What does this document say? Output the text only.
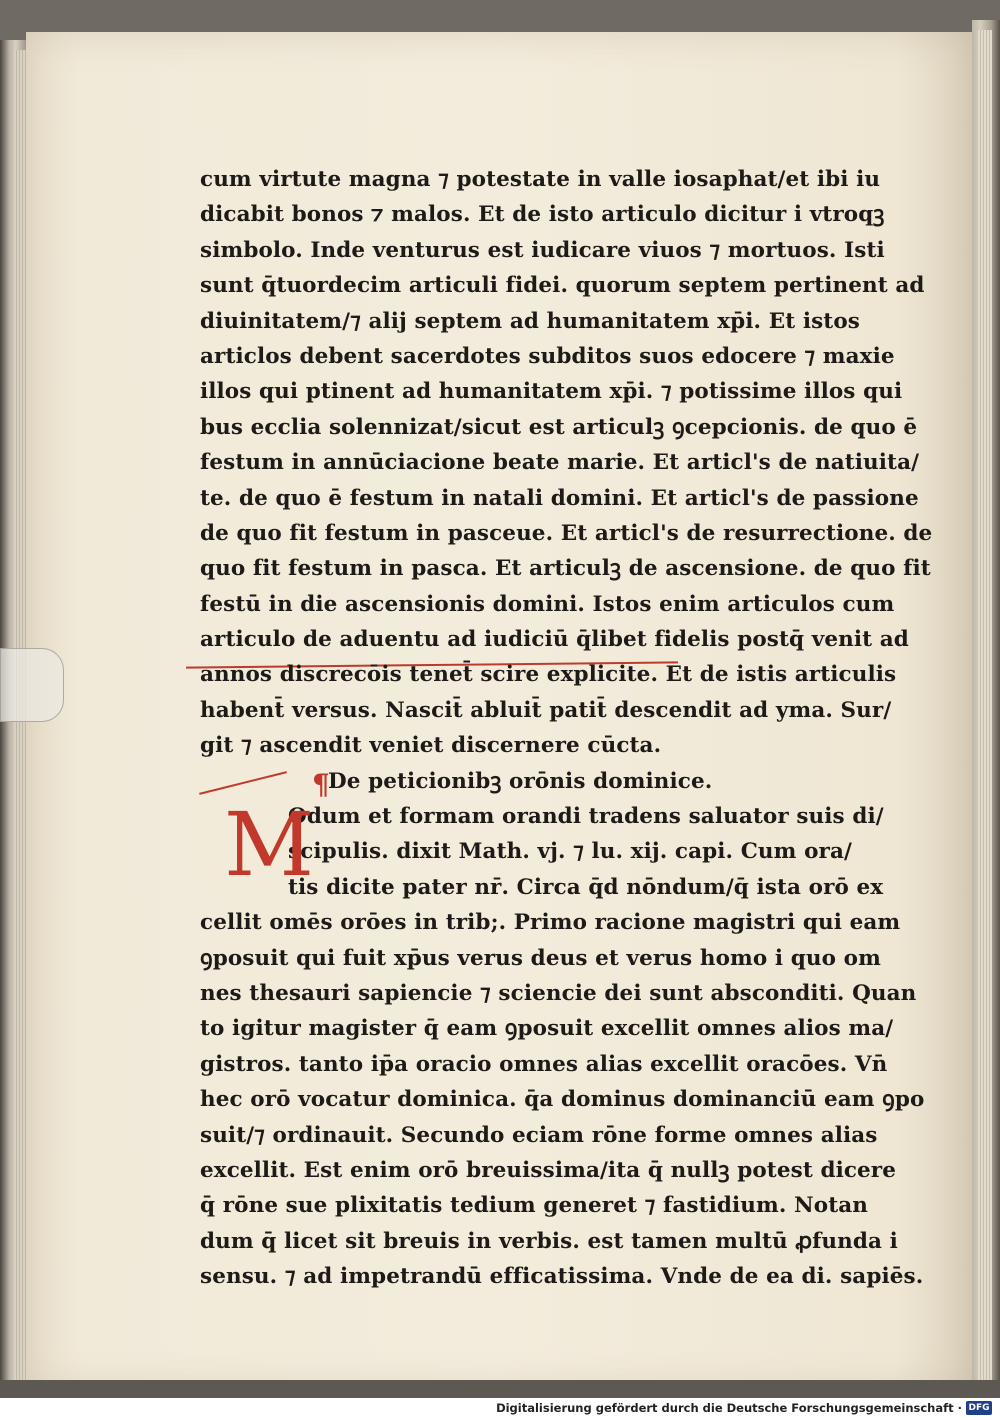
cum virtute magna ⁊ potestate in valle iosaphat/et ibi iu
dicabit bonos ⁊ malos. Et de isto articulo dicitur i vtroqꝫ
simbolo. Inde venturus est iudicare viuos ⁊ mortuos. Isti
sunt q̄tuordecim articuli fidei. quorum septem pertinent ad
diuinitatem/⁊ alij septem ad humanitatem xp̄i. Et istos
articlos debent sacerdotes subditos suos edocere ⁊ maxie
illos qui ptinent ad humanitatem xp̄i. ⁊ potissime illos qui
bus ecclia solennizat/sicut est articulꝫ ꝯcepcionis. de quo ē
festum in annūciacione beate marie. Et articl's de natiuita/
te. de quo ē festum in natali domini. Et articl's de passione
de quo fit festum in pasceue. Et articl's de resurrectione. de
quo fit festum in pasca. Et articulꝫ de ascensione. de quo fit
festū in die ascensionis domini. Istos enim articulos cum
articulo de aduentu ad iudiciū q̄libet fidelis postq̄ venit ad
annos discrecōis tenet̄ scire explicite. Et de istis articulis
habent̄ versus. Nascit̄ abluit̄ patit̄ descendit ad yma. Sur/
git ⁊ ascendit veniet discernere cūcta.
¶
De peticionibꝫ orōnis dominice.
M
Odum et formam orandi tradens saluator suis di/
scipulis. dixit Math. vj. ⁊ lu. xij. capi. Cum ora/
tis dicite pater nr̄. Circa q̄d nōndum/q̄ ista orō ex
cellit omēs orōes in trib;. Primo racione magistri qui eam
ꝯposuit qui fuit xp̄us verus deus et verus homo i quo om
nes thesauri sapiencie ⁊ sciencie dei sunt absconditi. Quan
to igitur magister q̄ eam ꝯposuit excellit omnes alios ma/
gistros. tanto ip̄a oracio omnes alias excellit oracōes. Vn̄
hec orō vocatur dominica. q̄a dominus dominanciū eam ꝯpo
suit/⁊ ordinauit. Secundo eciam rōne forme omnes alias
excellit. Est enim orō breuissima/ita q̄ nullꝫ potest dicere
q̄ rōne sue plixitatis tedium generet ⁊ fastidium. Notan
dum q̄ licet sit breuis in verbis. est tamen multū ꝓfunda i
sensu. ⁊ ad impetrandū efficatissima. Vnde de ea di. sapiēs.
Digitalisierung gefördert durch die Deutsche Forschungsgemeinschaft · DFG
